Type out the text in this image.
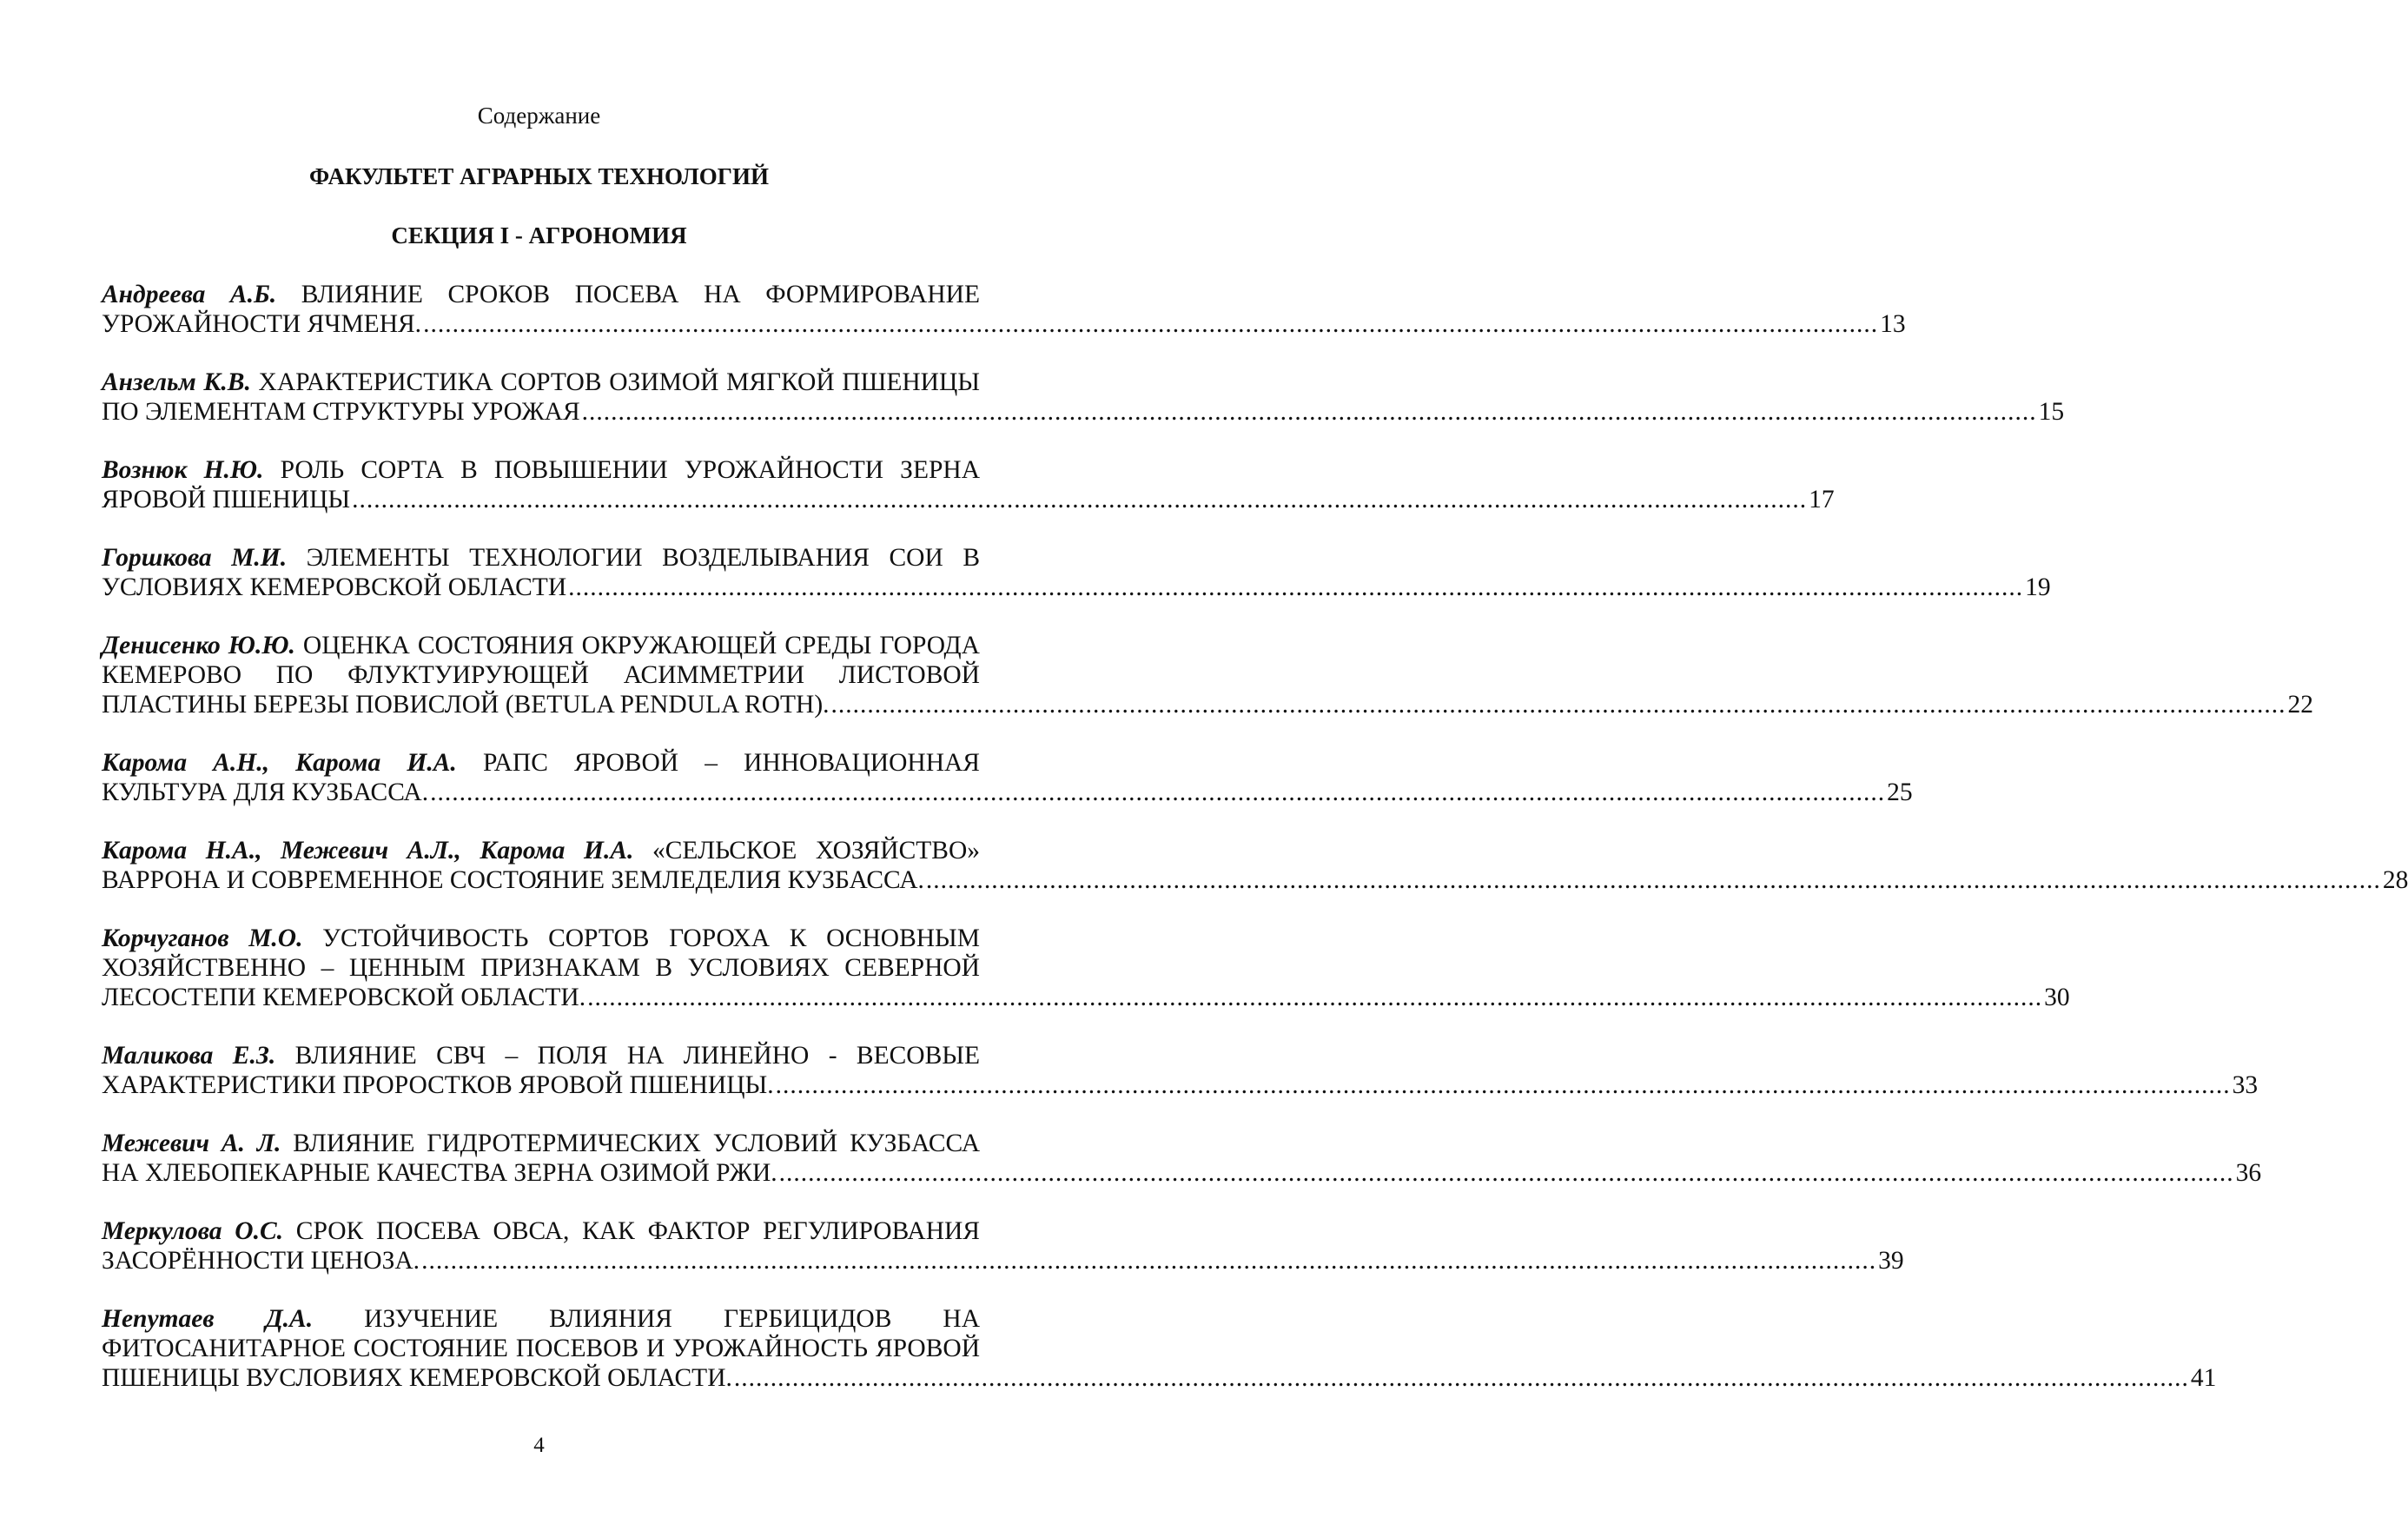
Содержание
ФАКУЛЬТЕТ АГРАРНЫХ ТЕХНОЛОГИЙ
СЕКЦИЯ I - АГРОНОМИЯ
Андреева А.Б. ВЛИЯНИЕ СРОКОВ ПОСЕВА НА ФОРМИРОВАНИЕ
УРОЖАЙНОСТИ ЯЧМЕНЯ. ........................................................................................................................................................................................................ 13
Анзельм К.В. ХАРАКТЕРИСТИКА СОРТОВ ОЗИМОЙ МЯГКОЙ ПШЕНИЦЫ
ПО ЭЛЕМЕНТАМ СТРУКТУРЫ УРОЖАЯ ........................................................................................................................................................................................................ 15
Вознюк Н.Ю. РОЛЬ СОРТА В ПОВЫШЕНИИ УРОЖАЙНОСТИ ЗЕРНА
ЯРОВОЙ ПШЕНИЦЫ ........................................................................................................................................................................................................ 17
Горшкова М.И. ЭЛЕМЕНТЫ ТЕХНОЛОГИИ ВОЗДЕЛЫВАНИЯ СОИ В
УСЛОВИЯХ КЕМЕРОВСКОЙ ОБЛАСТИ ........................................................................................................................................................................................................ 19
Денисенко Ю.Ю. ОЦЕНКА СОСТОЯНИЯ ОКРУЖАЮЩЕЙ СРЕДЫ ГОРОДА
КЕМЕРОВО ПО ФЛУКТУИРУЮЩЕЙ АСИММЕТРИИ ЛИСТОВОЙ
ПЛАСТИНЫ БЕРЕЗЫ ПОВИСЛОЙ (BETULA PENDULA ROTH). ........................................................................................................................................................................................................ 22
Карома А.Н., Карома И.А. РАПС ЯРОВОЙ – ИННОВАЦИОННАЯ
КУЛЬТУРА ДЛЯ КУЗБАССА. ........................................................................................................................................................................................................ 25
Карома Н.А., Межевич А.Л., Карома И.А. «СЕЛЬСКОЕ ХОЗЯЙСТВО»
ВАРРОНА И СОВРЕМЕННОЕ СОСТОЯНИЕ ЗЕМЛЕДЕЛИЯ КУЗБАССА. ........................................................................................................................................................................................................ 28
Корчуганов М.О. УСТОЙЧИВОСТЬ СОРТОВ ГОРОХА К ОСНОВНЫМ
ХОЗЯЙСТВЕННО – ЦЕННЫМ ПРИЗНАКАМ В УСЛОВИЯХ СЕВЕРНОЙ
ЛЕСОСТЕПИ КЕМЕРОВСКОЙ ОБЛАСТИ. ........................................................................................................................................................................................................ 30
Маликова Е.З. ВЛИЯНИЕ СВЧ – ПОЛЯ НА ЛИНЕЙНО - ВЕСОВЫЕ
ХАРАКТЕРИСТИКИ ПРОРОСТКОВ ЯРОВОЙ ПШЕНИЦЫ. ........................................................................................................................................................................................................ 33
Межевич А. Л. ВЛИЯНИЕ ГИДРОТЕРМИЧЕСКИХ УСЛОВИЙ КУЗБАССА
НА ХЛЕБОПЕКАРНЫЕ КАЧЕСТВА ЗЕРНА ОЗИМОЙ РЖИ. ........................................................................................................................................................................................................ 36
Меркулова О.С. СРОК ПОСЕВА ОВСА, КАК ФАКТОР РЕГУЛИРОВАНИЯ
ЗАСОРЁННОСТИ ЦЕНОЗА. ........................................................................................................................................................................................................ 39
Непутаев Д.А. ИЗУЧЕНИЕ ВЛИЯНИЯ ГЕРБИЦИДОВ НА
ФИТОСАНИТАРНОЕ СОСТОЯНИЕ ПОСЕВОВ И УРОЖАЙНОСТЬ ЯРОВОЙ
ПШЕНИЦЫ ВУСЛОВИЯХ КЕМЕРОВСКОЙ ОБЛАСТИ. ........................................................................................................................................................................................................ 41
4
